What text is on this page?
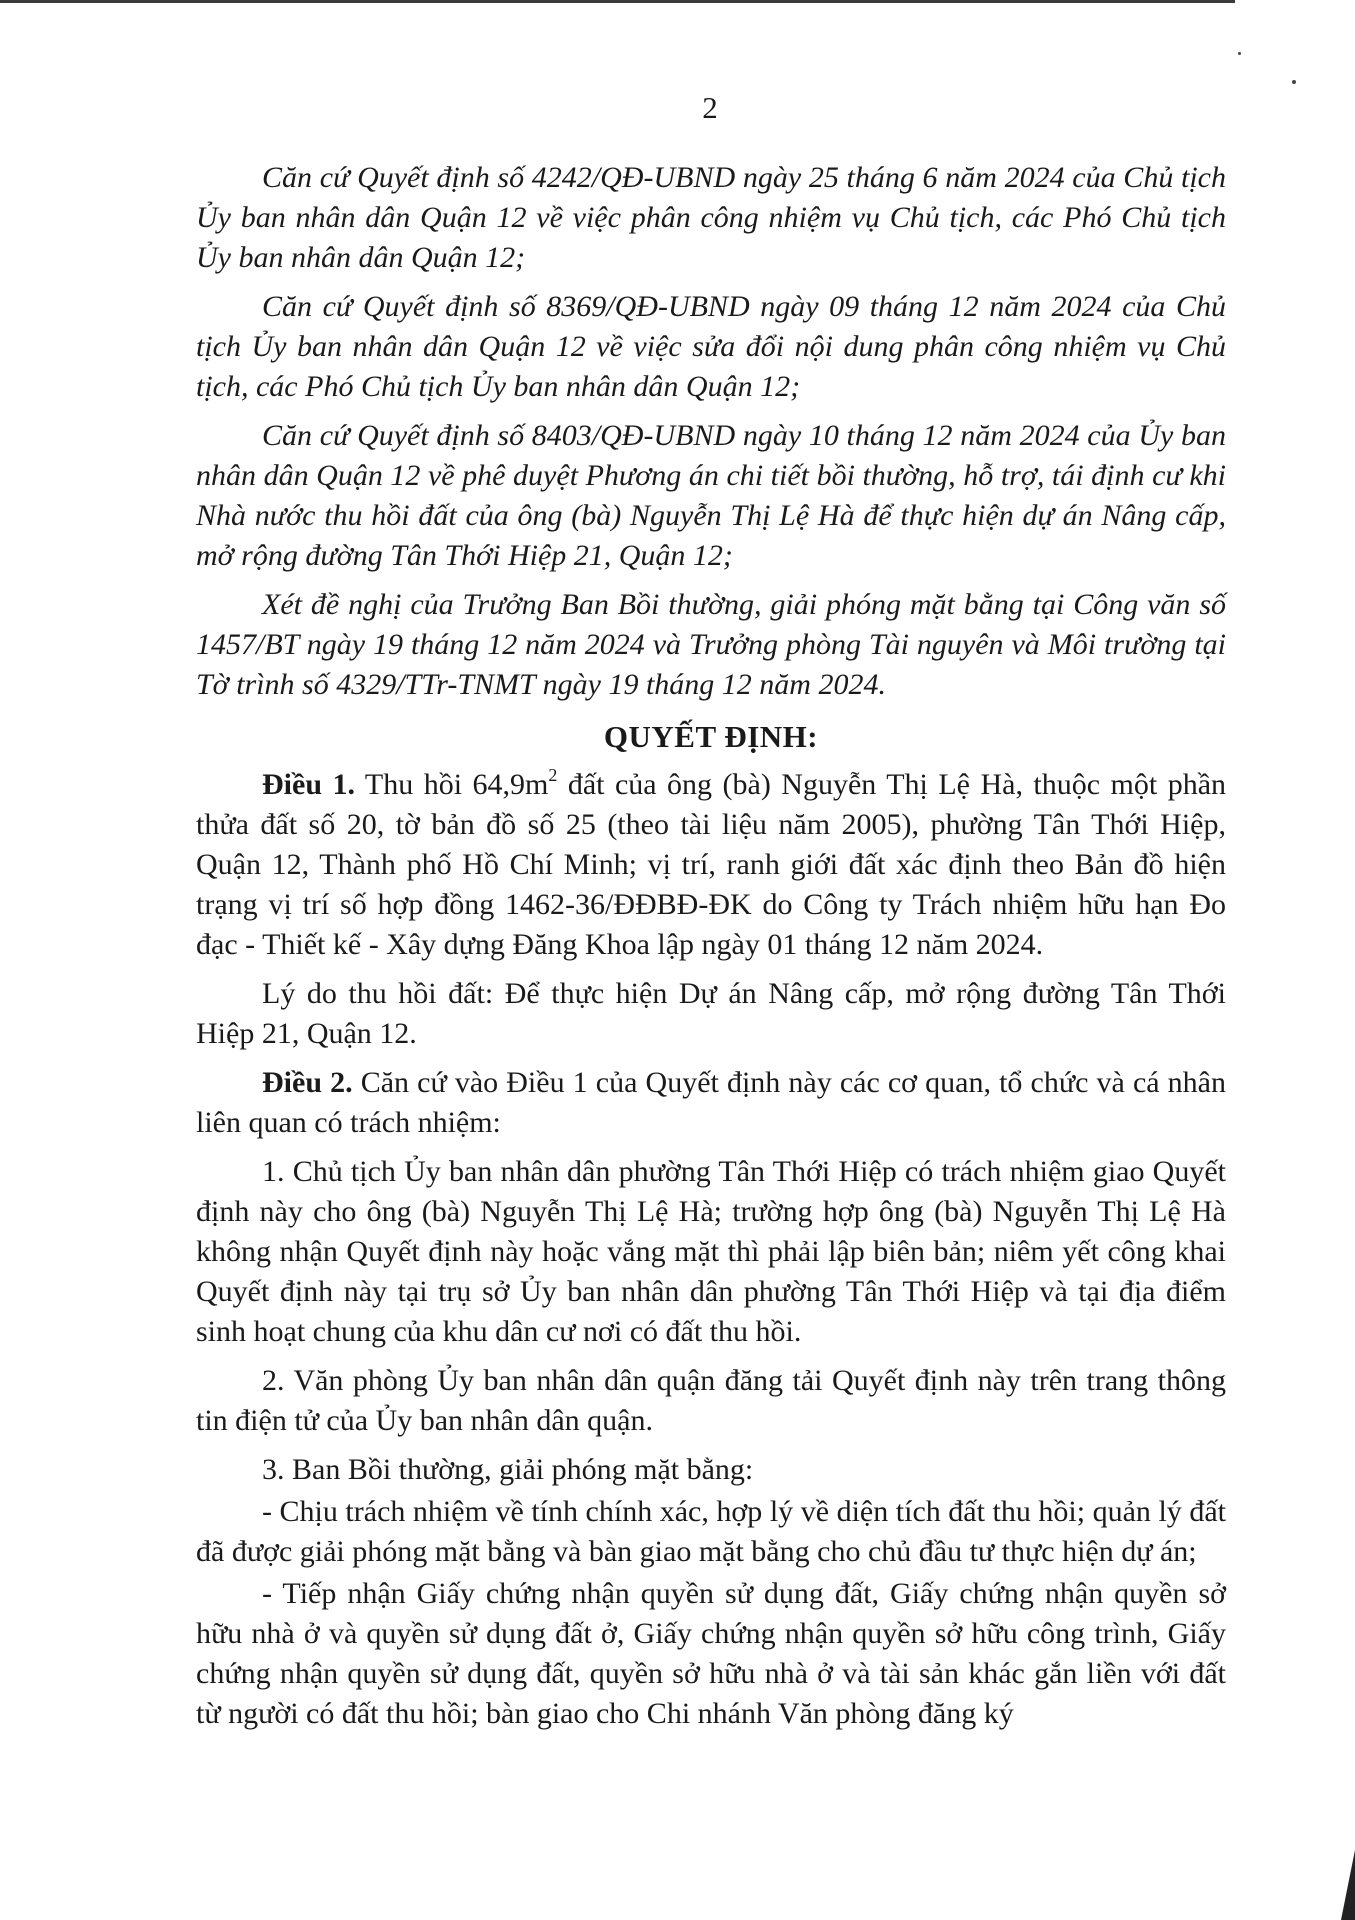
2

Căn cứ Quyết định số 4242/QĐ-UBND ngày 25 tháng 6 năm 2024 của Chủ tịch Ủy ban nhân dân Quận 12 về việc phân công nhiệm vụ Chủ tịch, các Phó Chủ tịch Ủy ban nhân dân Quận 12;

Căn cứ Quyết định số 8369/QĐ-UBND ngày 09 tháng 12 năm 2024 của Chủ tịch Ủy ban nhân dân Quận 12 về việc sửa đổi nội dung phân công nhiệm vụ Chủ tịch, các Phó Chủ tịch Ủy ban nhân dân Quận 12;

Căn cứ Quyết định số 8403/QĐ-UBND ngày 10 tháng 12 năm 2024 của Ủy ban nhân dân Quận 12 về phê duyệt Phương án chi tiết bồi thường, hỗ trợ, tái định cư khi Nhà nước thu hồi đất của ông (bà) Nguyễn Thị Lệ Hà để thực hiện dự án Nâng cấp, mở rộng đường Tân Thới Hiệp 21, Quận 12;

Xét đề nghị của Trưởng Ban Bồi thường, giải phóng mặt bằng tại Công văn số 1457/BT ngày 19 tháng 12 năm 2024 và Trưởng phòng Tài nguyên và Môi trường tại Tờ trình số 4329/TTr-TNMT ngày 19 tháng 12 năm 2024.

QUYẾT ĐỊNH:

Điều 1. Thu hồi $64,9m^2$ đất của ông (bà) Nguyễn Thị Lệ Hà, thuộc một phần thửa đất số 20, tờ bản đồ số 25 (theo tài liệu năm 2005), phường Tân Thới Hiệp, Quận 12, Thành phố Hồ Chí Minh; vị trí, ranh giới đất xác định theo Bản đồ hiện trạng vị trí số hợp đồng 1462-36/ĐĐBĐ-ĐK do Công ty Trách nhiệm hữu hạn Đo đạc - Thiết kế - Xây dựng Đăng Khoa lập ngày 01 tháng 12 năm 2024.

Lý do thu hồi đất: Để thực hiện Dự án Nâng cấp, mở rộng đường Tân Thới Hiệp 21, Quận 12.

Điều 2. Căn cứ vào Điều 1 của Quyết định này các cơ quan, tổ chức và cá nhân liên quan có trách nhiệm:

1. Chủ tịch Ủy ban nhân dân phường Tân Thới Hiệp có trách nhiệm giao Quyết định này cho ông (bà) Nguyễn Thị Lệ Hà; trường hợp ông (bà) Nguyễn Thị Lệ Hà không nhận Quyết định này hoặc vắng mặt thì phải lập biên bản; niêm yết công khai Quyết định này tại trụ sở Ủy ban nhân dân phường Tân Thới Hiệp và tại địa điểm sinh hoạt chung của khu dân cư nơi có đất thu hồi.

2. Văn phòng Ủy ban nhân dân quận đăng tải Quyết định này trên trang thông tin điện tử của Ủy ban nhân dân quận.

3. Ban Bồi thường, giải phóng mặt bằng:

- Chịu trách nhiệm về tính chính xác, hợp lý về diện tích đất thu hồi; quản lý đất đã được giải phóng mặt bằng và bàn giao mặt bằng cho chủ đầu tư thực hiện dự án;

- Tiếp nhận Giấy chứng nhận quyền sử dụng đất, Giấy chứng nhận quyền sở hữu nhà ở và quyền sử dụng đất ở, Giấy chứng nhận quyền sở hữu công trình, Giấy chứng nhận quyền sử dụng đất, quyền sở hữu nhà ở và tài sản khác gắn liền với đất từ người có đất thu hồi; bàn giao cho Chi nhánh Văn phòng đăng ký
